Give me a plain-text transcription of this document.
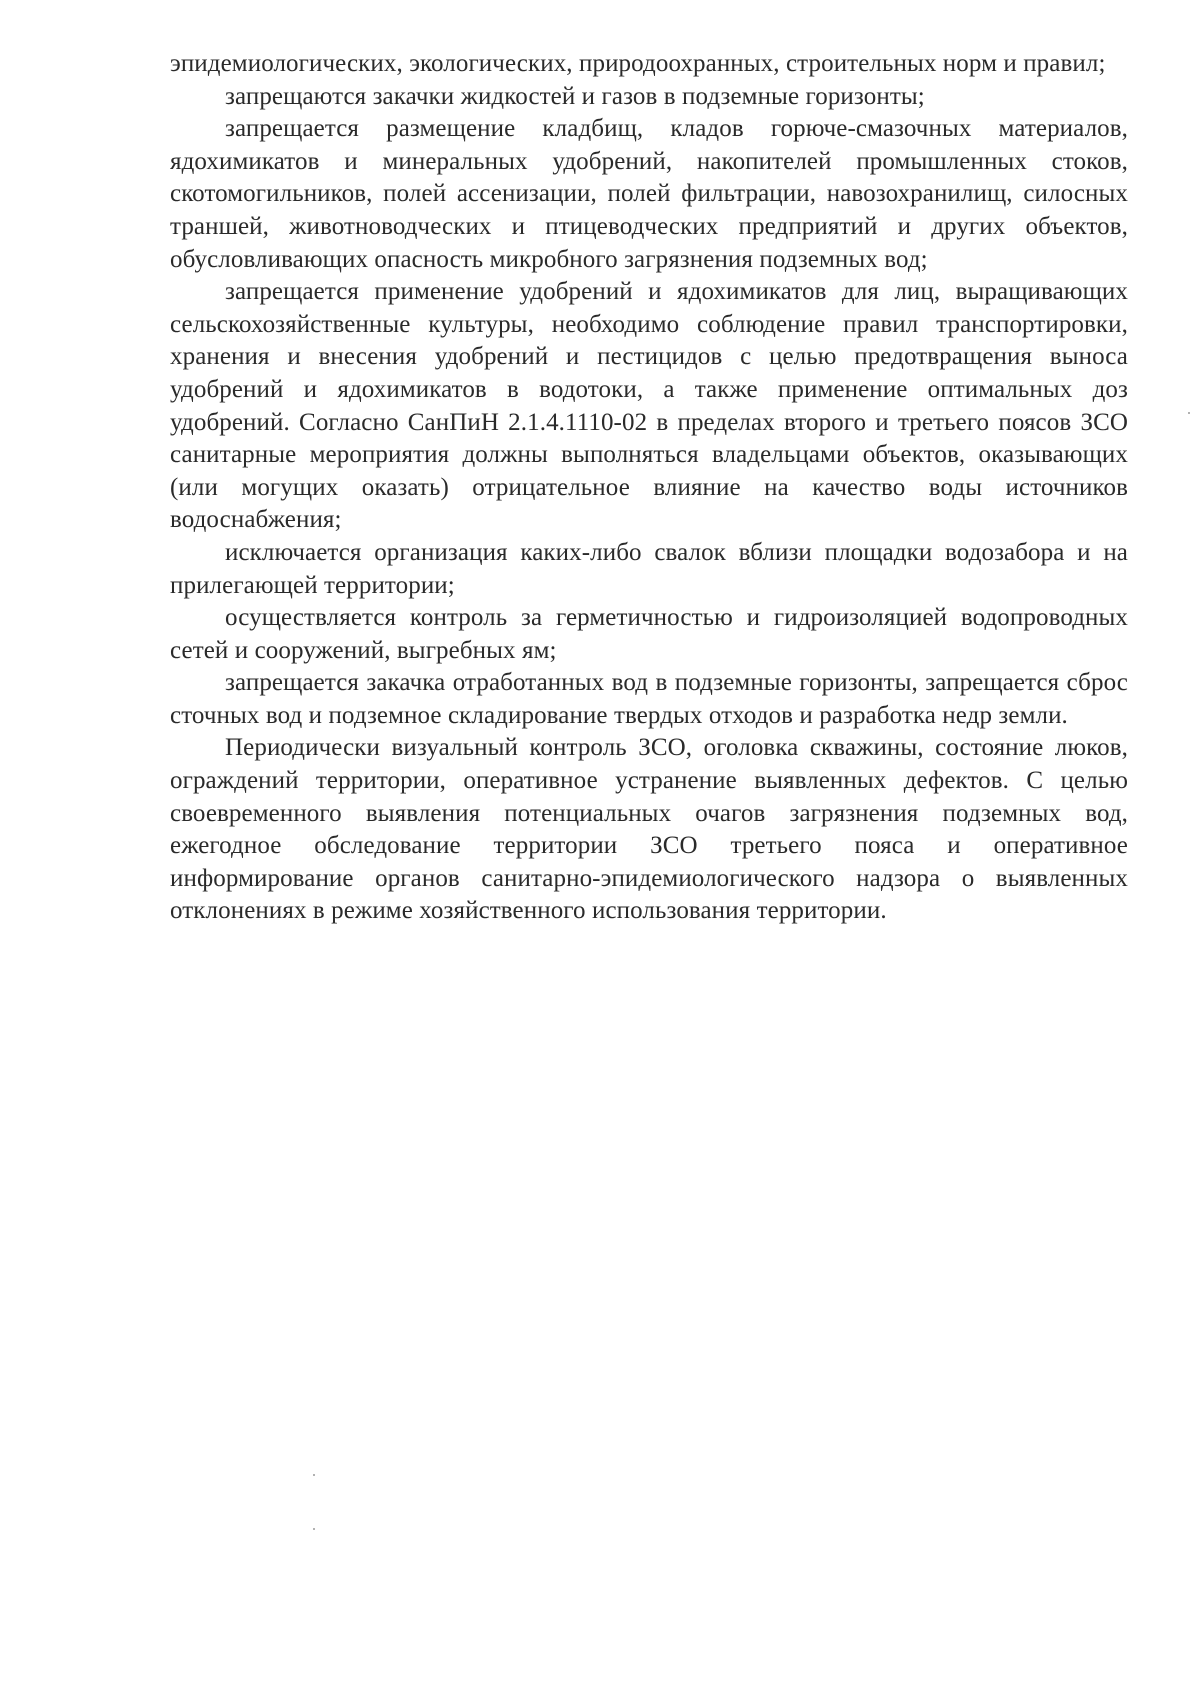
эпидемиологических, экологических, природоохранных, строительных норм и правил;

запрещаются закачки жидкостей и газов в подземные горизонты;

запрещается размещение кладбищ, кладов горюче-смазочных материалов, ядохимикатов и минеральных удобрений, накопителей промышленных стоков, скотомогильников, полей ассенизации, полей фильтрации, навозохранилищ, силосных траншей, животноводческих и птицеводческих предприятий и других объектов, обусловливающих опасность микробного загрязнения подземных вод;

запрещается применение удобрений и ядохимикатов для лиц, выращивающих сельскохозяйственные культуры, необходимо соблюдение правил транспортировки, хранения и внесения удобрений и пестицидов с целью предотвращения выноса удобрений и ядохимикатов в водотоки, а также применение оптимальных доз удобрений. Согласно СанПиН 2.1.4.1110-02 в пределах второго и третьего поясов ЗСО санитарные мероприятия должны выполняться владельцами объектов, оказывающих (или могущих оказать) отрицательное влияние на качество воды источников водоснабжения;

исключается организация каких-либо свалок вблизи площадки водозабора и на прилегающей территории;

осуществляется контроль за герметичностью и гидроизоляцией водопроводных сетей и сооружений, выгребных ям;

запрещается закачка отработанных вод в подземные горизонты, запрещается сброс сточных вод и подземное складирование твердых отходов и разработка недр земли.

Периодически визуальный контроль ЗСО, оголовка скважины, состояние люков, ограждений территории, оперативное устранение выявленных дефектов. С целью своевременного выявления потенциальных очагов загрязнения подземных вод, ежегодное обследование территории ЗСО третьего пояса и оперативное информирование органов санитарно-эпидемиологического надзора о выявленных отклонениях в режиме хозяйственного использования территории.
